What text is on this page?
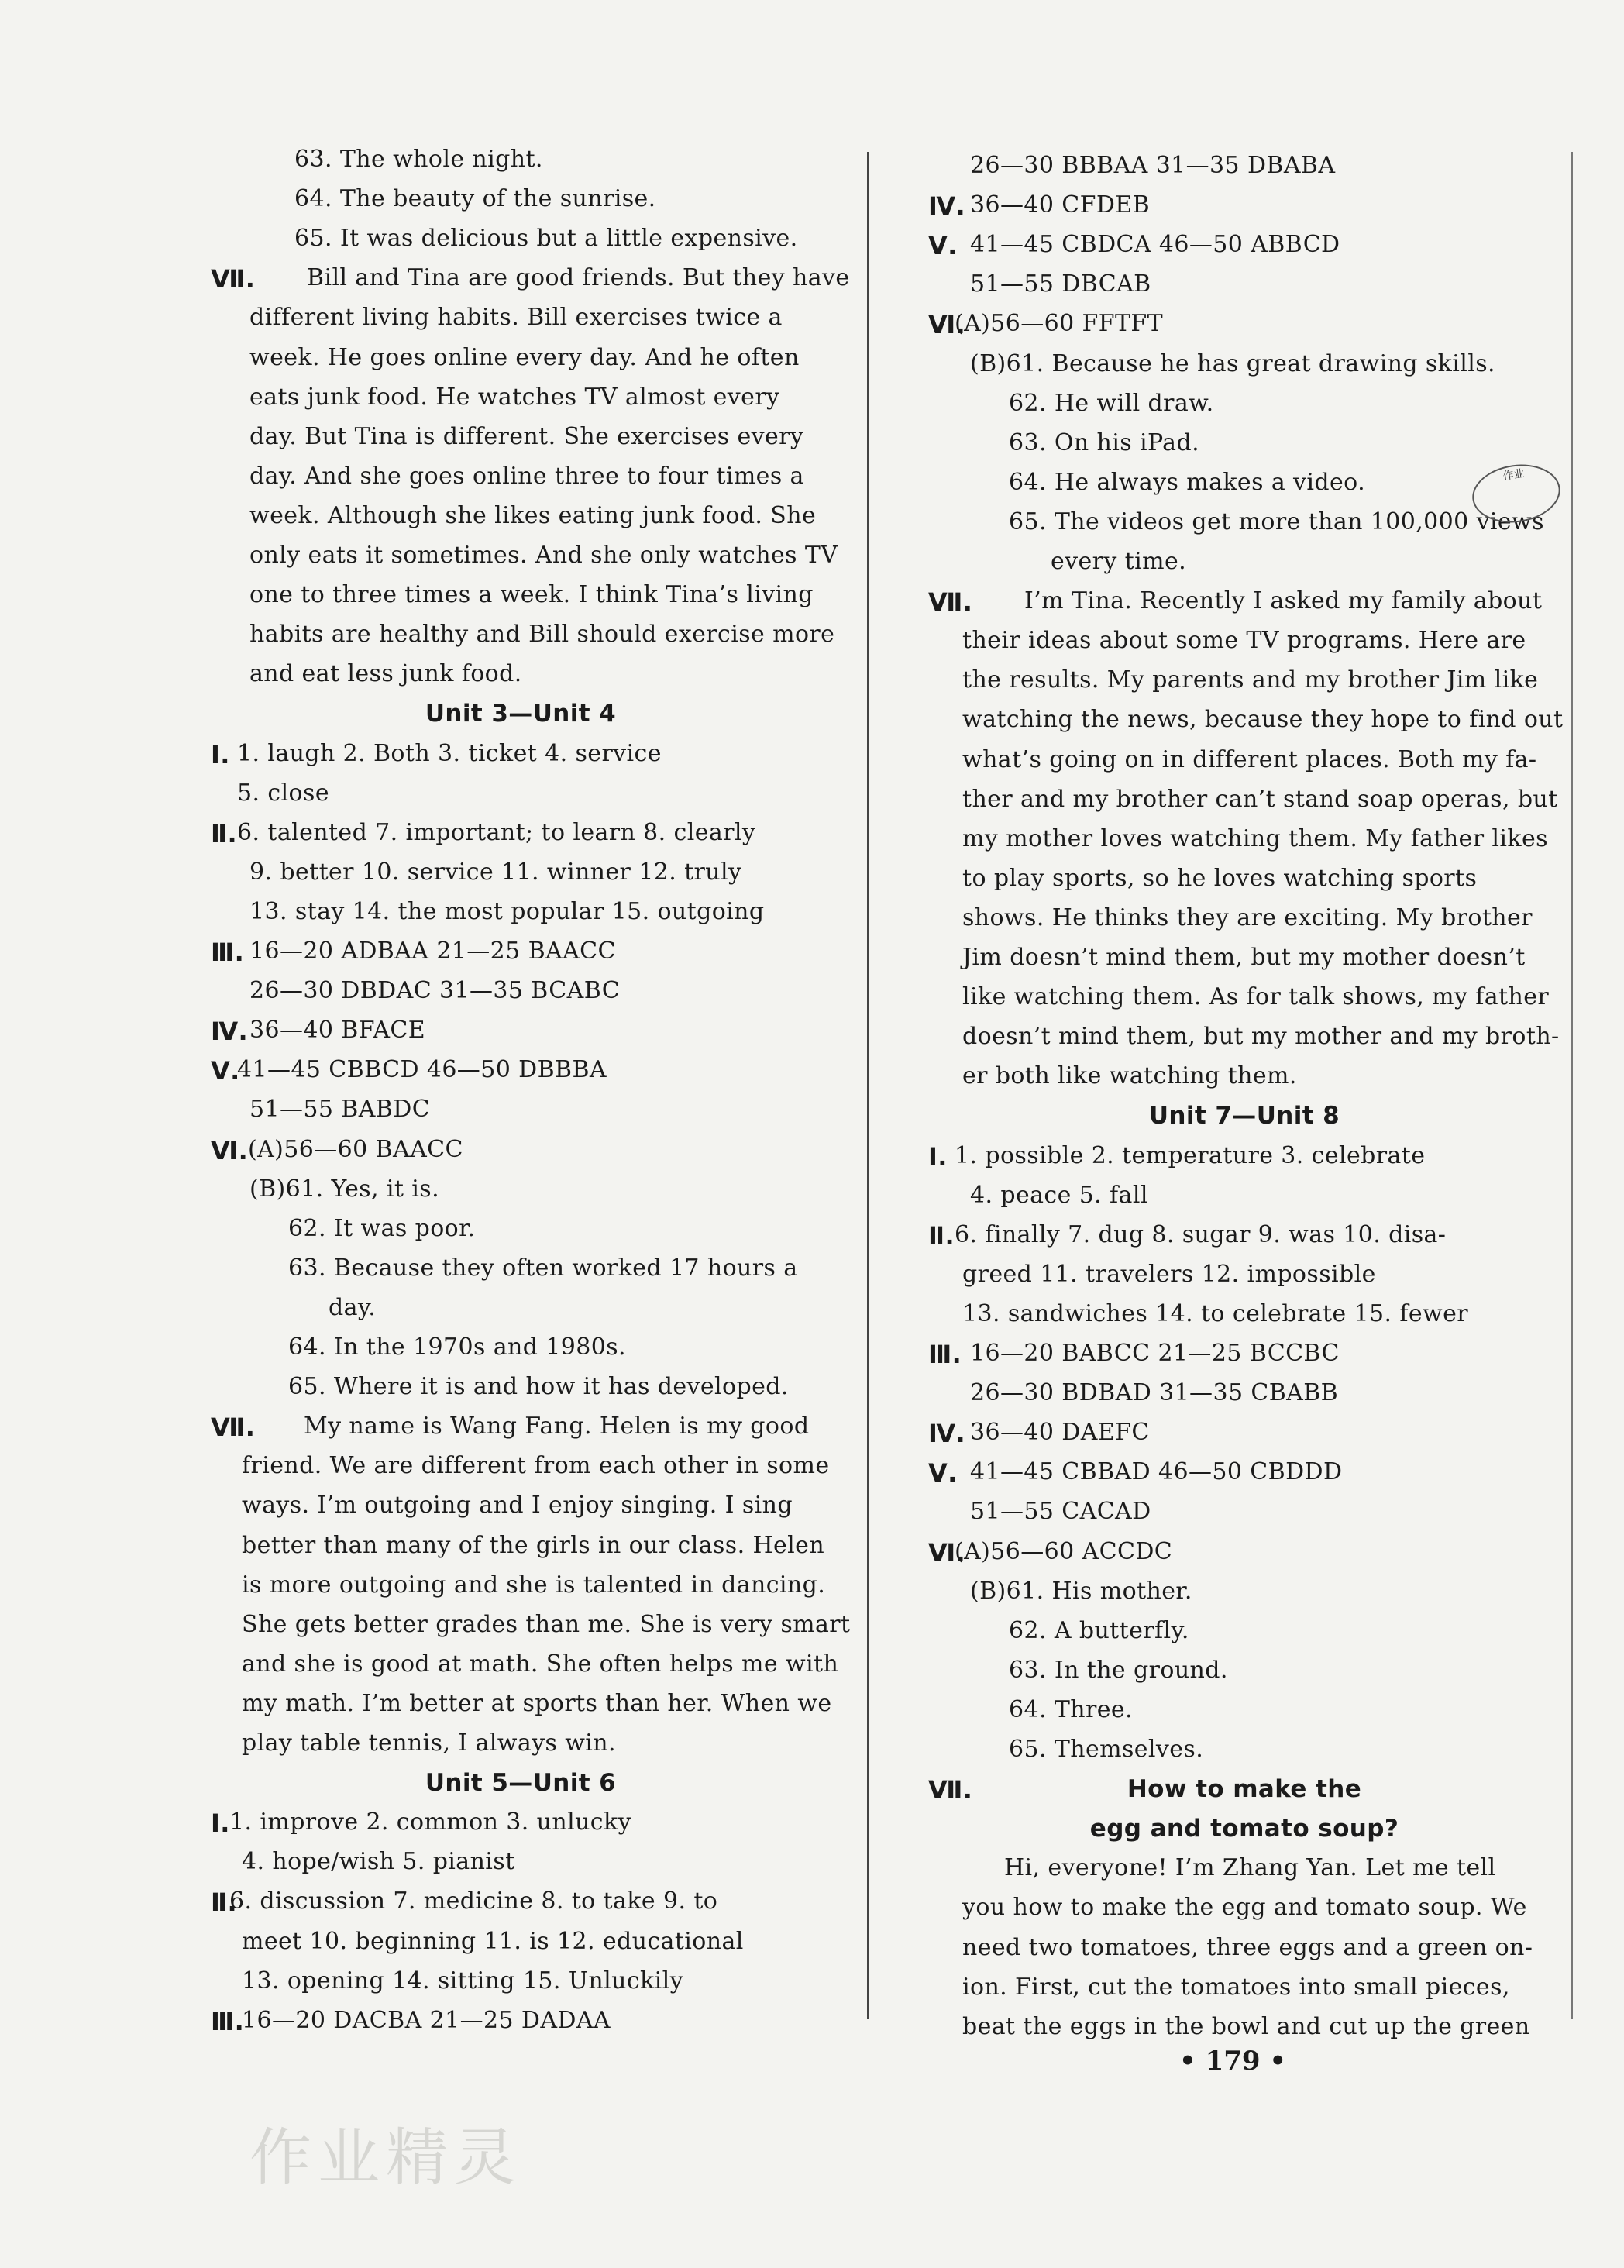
63. The whole night.
64. The beauty of the sunrise.
65. It was delicious but a little expensive.
Ⅶ. Bill and Tina are good friends. But they have
different living habits. Bill exercises twice a
week. He goes online every day. And he often
eats junk food. He watches TV almost every
day. But Tina is different. She exercises every
day. And she goes online three to four times a
week. Although she likes eating junk food. She
only eats it sometimes. And she only watches TV
one to three times a week. I think Tina’s living
habits are healthy and Bill should exercise more
and eat less junk food.
Unit 3—Unit 4
Ⅰ. 1. laugh 2. Both 3. ticket 4. service
5. close
Ⅱ. 6. talented 7. important; to learn 8. clearly
9. better 10. service 11. winner 12. truly
13. stay 14. the most popular 15. outgoing
Ⅲ. 16—20 ADBAA 21—25 BAACC
26—30 DBDAC 31—35 BCABC
Ⅳ. 36—40 BFACE
Ⅴ.
41—45 CBBCD 46—50 DBBBA
51—55 BABDC
Ⅵ. (A)56—60 BAACC
(B)61. Yes, it is.
62. It was poor.
63. Because they often worked 17 hours a
day.
64. In the 1970s and 1980s.
65. Where it is and how it has developed.
Ⅶ. My name is Wang Fang. Helen is my good
friend. We are different from each other in some
ways. I’m outgoing and I enjoy singing. I sing
better than many of the girls in our class. Helen
is more outgoing and she is talented in dancing.
She gets better grades than me. She is very smart
and she is good at math. She often helps me with
my math. I’m better at sports than her. When we
play table tennis, I always win.
Unit 5—Unit 6
Ⅰ. 1. improve 2. common 3. unlucky
4. hope/wish 5. pianist
Ⅱ.
6. discussion 7. medicine 8. to take 9. to
meet 10. beginning 11. is 12. educational
13. opening 14. sitting 15. Unluckily
Ⅲ.
16—20 DACBA 21—25 DADAA
26—30 BBBAA 31—35 DBABA
Ⅳ. 36—40 CFDEB
Ⅴ. 41—45 CBDCA 46—50 ABBCD
51—55 DBCAB
Ⅵ.
(A)56—60 FFTFT
(B)61. Because he has great drawing skills.
62. He will draw.
63. On his iPad.
64. He always makes a video.
65. The videos get more than 100,000 views
every time.
Ⅶ. I’m Tina. Recently I asked my family about
their ideas about some TV programs. Here are
the results. My parents and my brother Jim like
watching the news, because they hope to find out
what’s going on in different places. Both my fa-
ther and my brother can’t stand soap operas, but
my mother loves watching them. My father likes
to play sports, so he loves watching sports
shows. He thinks they are exciting. My brother
Jim doesn’t mind them, but my mother doesn’t
like watching them. As for talk shows, my father
doesn’t mind them, but my mother and my broth-
er both like watching them.
Unit 7—Unit 8
Ⅰ. 1. possible 2. temperature 3. celebrate
4. peace 5. fall
Ⅱ. 6. finally 7. dug 8. sugar 9. was 10. disa-
greed 11. travelers 12. impossible
13. sandwiches 14. to celebrate 15. fewer
Ⅲ. 16—20 BABCC 21—25 BCCBC
26—30 BDBAD 31—35 CBABB
Ⅳ. 36—40 DAEFC
Ⅴ. 41—45 CBBAD 46—50 CBDDD
51—55 CACAD
Ⅵ.
(A)56—60 ACCDC
(B)61. His mother.
62. A butterfly.
63. In the ground.
64. Three.
65. Themselves.
Ⅶ.	How to make the
egg and tomato soup?
Hi, everyone! I’m Zhang Yan. Let me tell
you how to make the egg and tomato soup. We
need two tomatoes, three eggs and a green on-
ion. First, cut the tomatoes into small pieces,
beat the eggs in the bowl and cut up the green
• 179 •
作业
作业精灵
